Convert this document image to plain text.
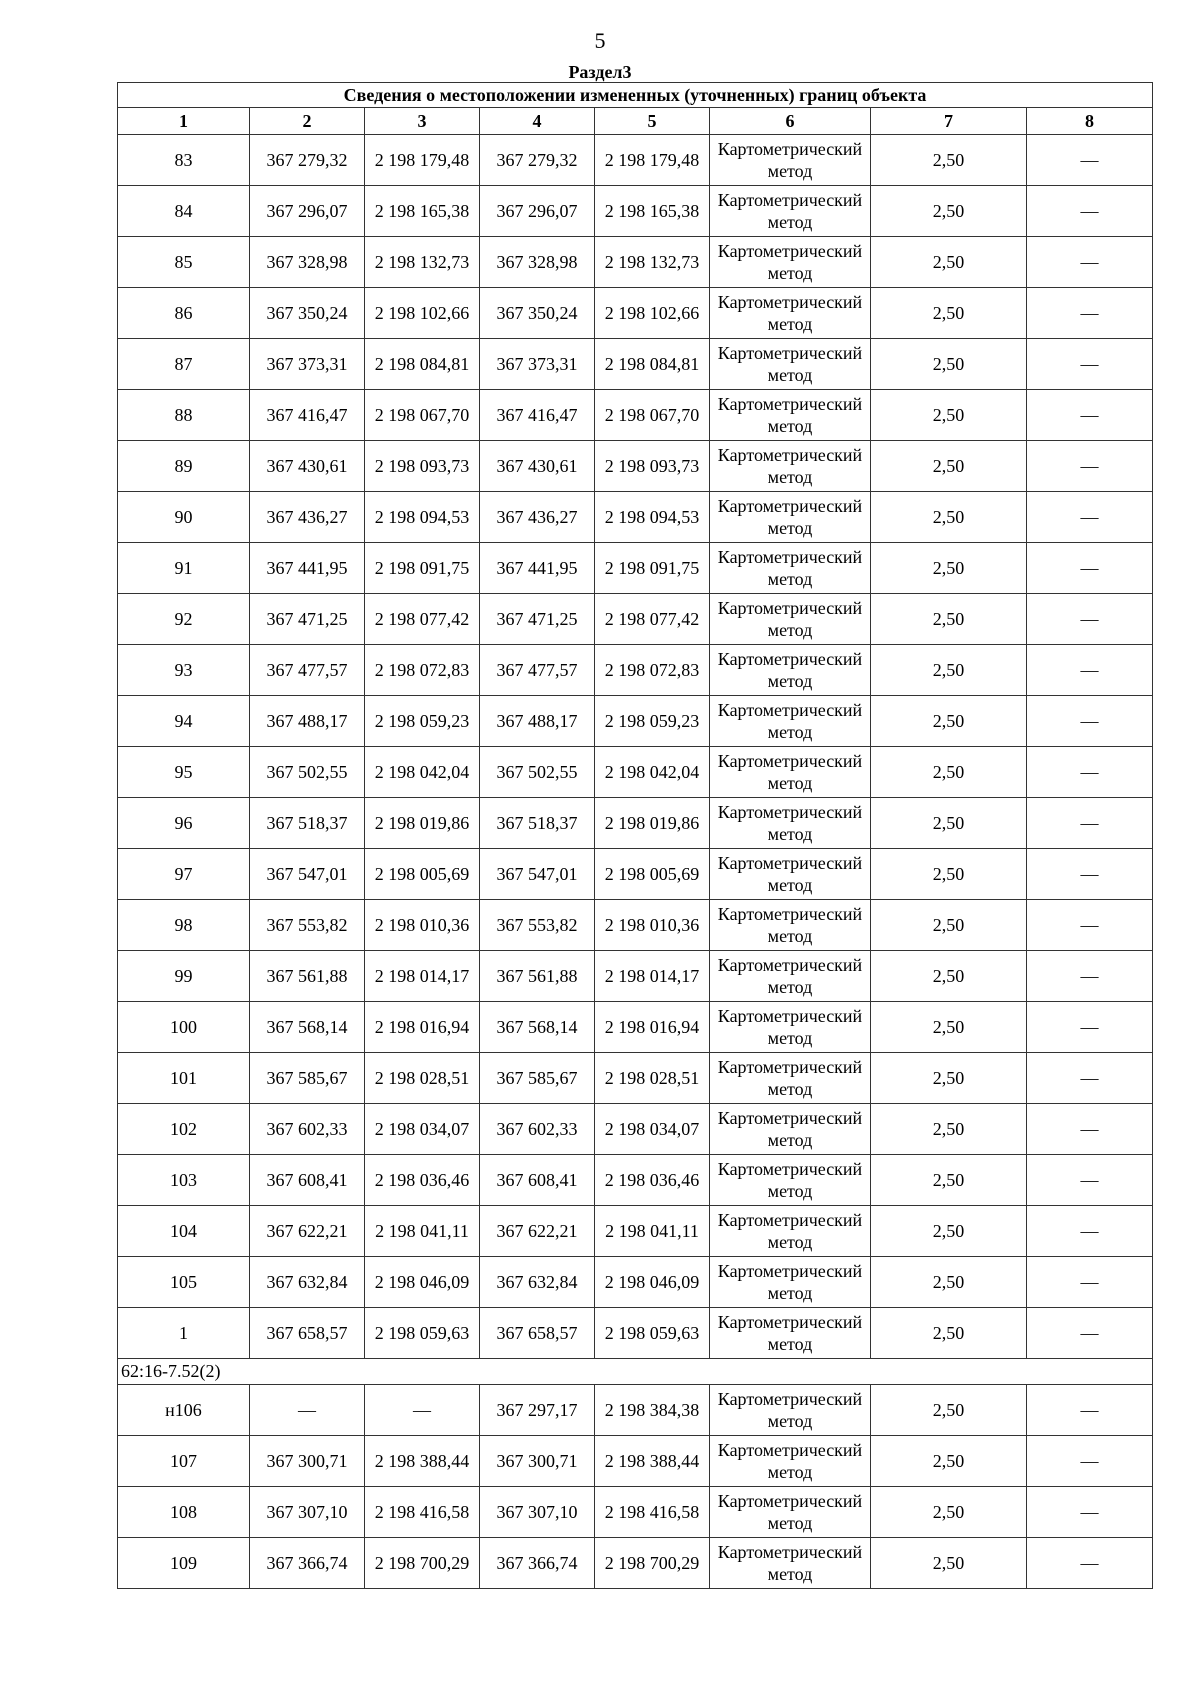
5
Раздел3
Сведения о местоположении измененных (уточненных) границ объекта							
1	2	3	4	5	6	7	8
83	367 279,32	2 198 179,48	367 279,32	2 198 179,48	Картометрический метод	2,50	—
84	367 296,07	2 198 165,38	367 296,07	2 198 165,38	Картометрический метод	2,50	—
85	367 328,98	2 198 132,73	367 328,98	2 198 132,73	Картометрический метод	2,50	—
86	367 350,24	2 198 102,66	367 350,24	2 198 102,66	Картометрический метод	2,50	—
87	367 373,31	2 198 084,81	367 373,31	2 198 084,81	Картометрический метод	2,50	—
88	367 416,47	2 198 067,70	367 416,47	2 198 067,70	Картометрический метод	2,50	—
89	367 430,61	2 198 093,73	367 430,61	2 198 093,73	Картометрический метод	2,50	—
90	367 436,27	2 198 094,53	367 436,27	2 198 094,53	Картометрический метод	2,50	—
91	367 441,95	2 198 091,75	367 441,95	2 198 091,75	Картометрический метод	2,50	—
92	367 471,25	2 198 077,42	367 471,25	2 198 077,42	Картометрический метод	2,50	—
93	367 477,57	2 198 072,83	367 477,57	2 198 072,83	Картометрический метод	2,50	—
94	367 488,17	2 198 059,23	367 488,17	2 198 059,23	Картометрический метод	2,50	—
95	367 502,55	2 198 042,04	367 502,55	2 198 042,04	Картометрический метод	2,50	—
96	367 518,37	2 198 019,86	367 518,37	2 198 019,86	Картометрический метод	2,50	—
97	367 547,01	2 198 005,69	367 547,01	2 198 005,69	Картометрический метод	2,50	—
98	367 553,82	2 198 010,36	367 553,82	2 198 010,36	Картометрический метод	2,50	—
99	367 561,88	2 198 014,17	367 561,88	2 198 014,17	Картометрический метод	2,50	—
100	367 568,14	2 198 016,94	367 568,14	2 198 016,94	Картометрический метод	2,50	—
101	367 585,67	2 198 028,51	367 585,67	2 198 028,51	Картометрический метод	2,50	—
102	367 602,33	2 198 034,07	367 602,33	2 198 034,07	Картометрический метод	2,50	—
103	367 608,41	2 198 036,46	367 608,41	2 198 036,46	Картометрический метод	2,50	—
104	367 622,21	2 198 041,11	367 622,21	2 198 041,11	Картометрический метод	2,50	—
105	367 632,84	2 198 046,09	367 632,84	2 198 046,09	Картометрический метод	2,50	—
1	367 658,57	2 198 059,63	367 658,57	2 198 059,63	Картометрический метод	2,50	—
62:16-7.52(2)							
н106	—	—	367 297,17	2 198 384,38	Картометрический метод	2,50	—
107	367 300,71	2 198 388,44	367 300,71	2 198 388,44	Картометрический метод	2,50	—
108	367 307,10	2 198 416,58	367 307,10	2 198 416,58	Картометрический метод	2,50	—
109	367 366,74	2 198 700,29	367 366,74	2 198 700,29	Картометрический метод	2,50	—
